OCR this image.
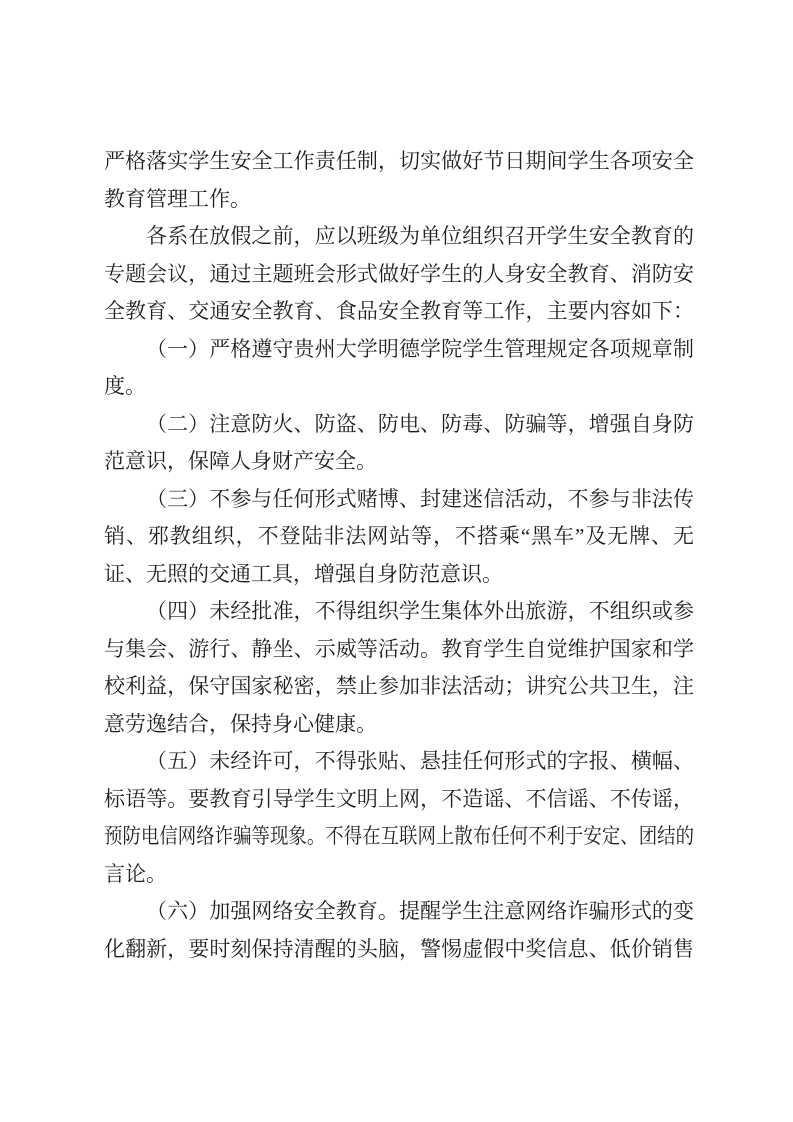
严格落实学生安全工作责任制，切实做好节日期间学生各项安全
教育管理工作。
各系在放假之前，应以班级为单位组织召开学生安全教育的
专题会议，通过主题班会形式做好学生的人身安全教育、消防安
全教育、交通安全教育、食品安全教育等工作，主要内容如下：
（一）严格遵守贵州大学明德学院学生管理规定各项规章制
度。
（二）注意防火、防盗、防电、防毒、防骗等，增强自身防
范意识，保障人身财产安全。
（三）不参与任何形式赌博、封建迷信活动，不参与非法传
销、邪教组织，不登陆非法网站等，不搭乘“黑车”及无牌、无
证、无照的交通工具，增强自身防范意识。
（四）未经批准，不得组织学生集体外出旅游，不组织或参
与集会、游行、静坐、示威等活动。教育学生自觉维护国家和学
校利益，保守国家秘密，禁止参加非法活动；讲究公共卫生，注
意劳逸结合，保持身心健康。
（五）未经许可，不得张贴、悬挂任何形式的字报、横幅、
标语等。要教育引导学生文明上网，不造谣、不信谣、不传谣，
预防电信网络诈骗等现象。不得在互联网上散布任何不利于安定、团结的
言论。
（六）加强网络安全教育。提醒学生注意网络诈骗形式的变
化翻新，要时刻保持清醒的头脑，警惕虚假中奖信息、低价销售
